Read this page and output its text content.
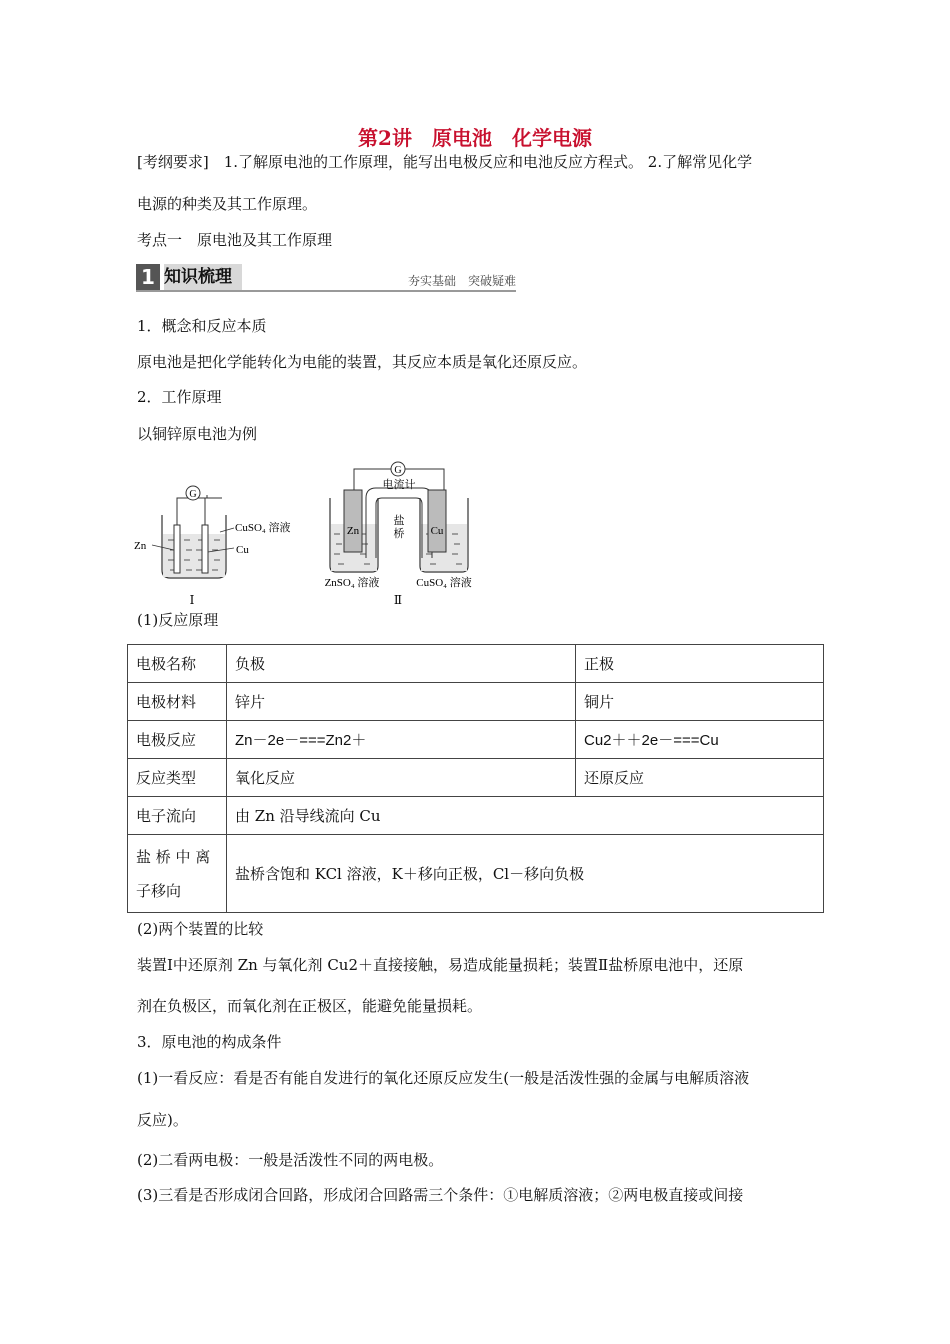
第2讲　原电池　化学电源
[考纲要求]　1.了解原电池的工作原理，能写出电极反应和电池反应方程式。 2.了解常见化学
电源的种类及其工作原理。
考点一　原电池及其工作原理
1 知识梳理	夯实基础　突破疑难
1．概念和反应本质
原电池是把化学能转化为电能的装置，其反应本质是氧化还原反应。
2．工作原理
以铜锌原电池为例
G
Zn
CuSO₄ 溶液
Cu
Ⅰ
G
电流计
盐
桥
Zn	Cu
ZnSO₄ 溶液	CuSO₄ 溶液
Ⅱ
(1)反应原理
电极名称	负极	正极
电极材料	锌片	铜片
电极反应	Zn－2e－===Zn2＋	Cu2＋＋2e－===Cu
反应类型	氧化反应	还原反应
电子流向	由 Zn 沿导线流向 Cu	

盐 桥 中 离
子移向	盐桥含饱和 KCl 溶液，K＋移向正极，Cl－移向负极	
(2)两个装置的比较
装置Ⅰ中还原剂 Zn 与氧化剂 Cu2＋直接接触，易造成能量损耗；装置Ⅱ盐桥原电池中，还原
剂在负极区，而氧化剂在正极区，能避免能量损耗。
3．原电池的构成条件
(1)一看反应：看是否有能自发进行的氧化还原反应发生(一般是活泼性强的金属与电解质溶液
反应)。
(2)二看两电极：一般是活泼性不同的两电极。
(3)三看是否形成闭合回路，形成闭合回路需三个条件：①电解质溶液；②两电极直接或间接
